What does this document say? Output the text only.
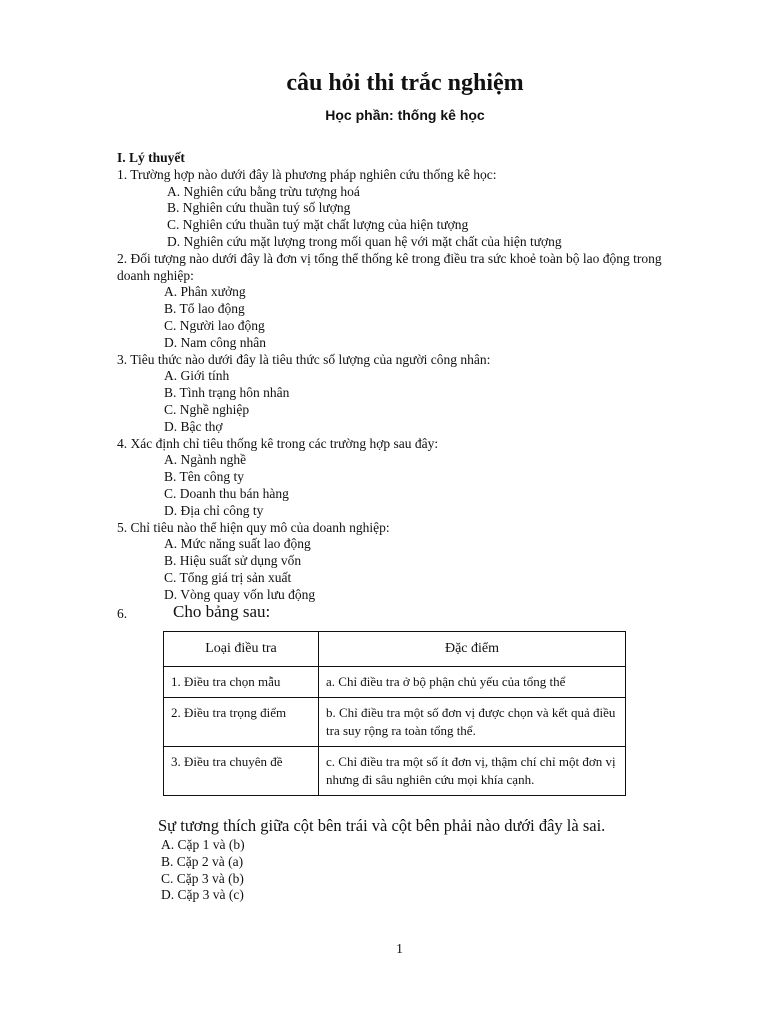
câu hỏi thi trắc nghiệm
Học phần: thống kê học
I. Lý thuyết
1. Trường hợp nào dưới đây là phương pháp nghiên cứu thống kê học:
A. Nghiên cứu bằng trừu tượng hoá
B. Nghiên cứu thuần tuý số lượng
C. Nghiên cứu thuần tuý mặt chất lượng của hiện tượng
D. Nghiên cứu mặt lượng trong mối quan hệ với mặt chất của hiện tượng
2. Đối tượng nào dưới đây là đơn vị tổng thể thống kê trong điều tra sức khoẻ toàn bộ lao động trong doanh nghiệp:
A. Phân xưởng
B. Tổ lao động
C. Người lao động
D. Nam công nhân
3. Tiêu thức nào dưới đây là tiêu thức số lượng của người công nhân:
A. Giới tính
B. Tình trạng hôn nhân
C. Nghề nghiệp
D. Bậc thợ
4. Xác định chỉ tiêu thống kê trong các trường hợp sau đây:
A. Ngành nghề
B. Tên công ty
C. Doanh thu bán hàng
D. Địa chỉ công ty
5. Chỉ tiêu nào thể hiện quy mô của doanh nghiệp:
A. Mức năng suất lao động
B. Hiệu suất sử dụng vốn
C. Tổng giá trị sản xuất
D. Vòng quay vốn lưu động
6.	Cho bảng sau:
Loại điều tra	Đặc điểm
1. Điều tra chọn mẫu	a. Chỉ điều tra ở bộ phận chủ yếu của tổng thể
2. Điều tra trọng điểm	b. Chỉ điều tra một số đơn vị được chọn và kết quả điều tra suy rộng ra toàn tổng thể.
3. Điều tra chuyên đề	c. Chỉ điều tra một số ít đơn vị, thậm chí chỉ một đơn vị nhưng đi sâu nghiên cứu mọi khía cạnh.
Sự tương thích giữa cột bên trái và cột bên phải nào dưới đây là sai.
A. Cặp 1 và (b)
B. Cặp 2 và (a)
C. Cặp 3 và (b)
D. Cặp 3 và (c)
1
